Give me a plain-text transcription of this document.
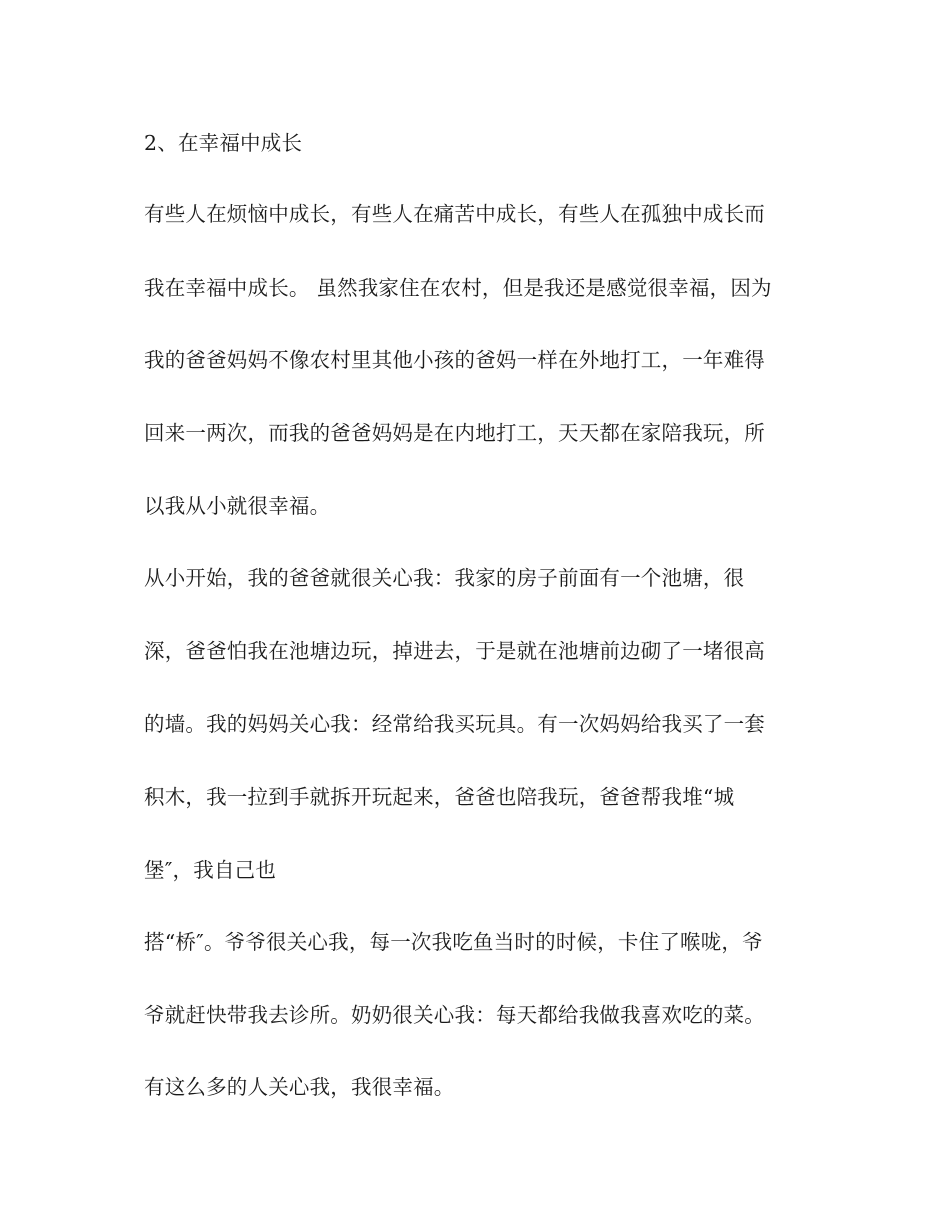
2、在幸福中成长
有些人在烦恼中成长，有些人在痛苦中成长，有些人在孤独中成长而
我在幸福中成长。 虽然我家住在农村，但是我还是感觉很幸福，因为
我的爸爸妈妈不像农村里其他小孩的爸妈一样在外地打工，一年难得
回来一两次，而我的爸爸妈妈是在内地打工，天天都在家陪我玩，所
以我从小就很幸福。
从小开始，我的爸爸就很关心我：我家的房子前面有一个池塘，很
深，爸爸怕我在池塘边玩，掉进去，于是就在池塘前边砌了一堵很高
的墙。我的妈妈关心我：经常给我买玩具。有一次妈妈给我买了一套
积木，我一拉到手就拆开玩起来，爸爸也陪我玩，爸爸帮我堆“城
堡″，我自己也
搭“桥″。爷爷很关心我，每一次我吃鱼当时的时候，卡住了喉咙，爷
爷就赶快带我去诊所。奶奶很关心我：每天都给我做我喜欢吃的菜。
有这么多的人关心我，我很幸福。
